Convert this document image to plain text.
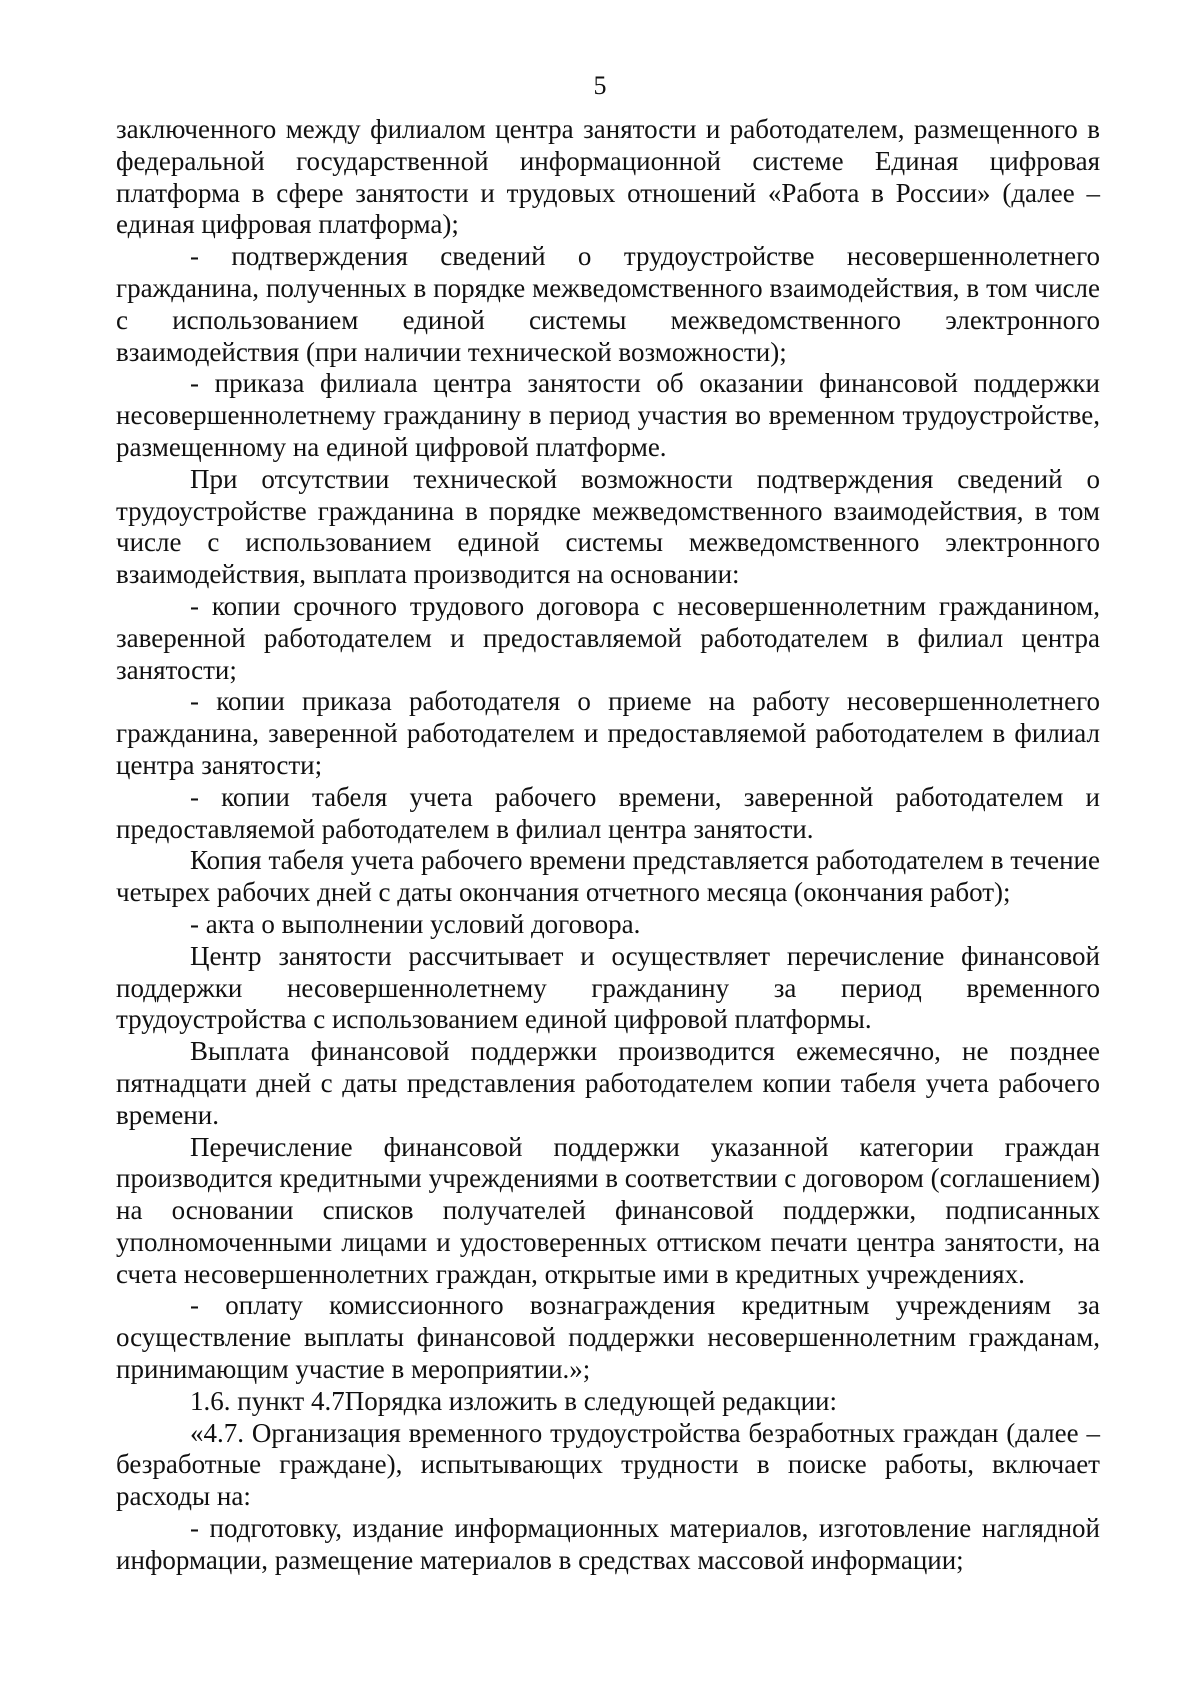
5

заключенного между филиалом центра занятости и работодателем, размещенного в федеральной государственной информационной системе Единая цифровая платформа в сфере занятости и трудовых отношений «Работа в России» (далее – единая цифровая платформа);

- подтверждения сведений о трудоустройстве несовершеннолетнего гражданина, полученных в порядке межведомственного взаимодействия, в том числе с использованием единой системы межведомственного электронного взаимодействия (при наличии технической возможности);

- приказа филиала центра занятости об оказании финансовой поддержки несовершеннолетнему гражданину в период участия во временном трудоустройстве, размещенному на единой цифровой платформе.

При отсутствии технической возможности подтверждения сведений о трудоустройстве гражданина в порядке межведомственного взаимодействия, в том числе с использованием единой системы межведомственного электронного взаимодействия, выплата производится на основании:

- копии срочного трудового договора с несовершеннолетним гражданином, заверенной работодателем и предоставляемой работодателем в филиал центра занятости;

- копии приказа работодателя о приеме на работу несовершеннолетнего гражданина, заверенной работодателем и предоставляемой работодателем в филиал центра занятости;

- копии табеля учета рабочего времени, заверенной работодателем и предоставляемой работодателем в филиал центра занятости.

Копия табеля учета рабочего времени представляется работодателем в течение четырех рабочих дней с даты окончания отчетного месяца (окончания работ);

- акта о выполнении условий договора.

Центр занятости рассчитывает и осуществляет перечисление финансовой поддержки несовершеннолетнему гражданину за период временного трудоустройства с использованием единой цифровой платформы.

Выплата финансовой поддержки производится ежемесячно, не позднее пятнадцати дней с даты представления работодателем копии табеля учета рабочего времени.

Перечисление финансовой поддержки указанной категории граждан производится кредитными учреждениями в соответствии с договором (соглашением) на основании списков получателей финансовой поддержки, подписанных уполномоченными лицами и удостоверенных оттиском печати центра занятости, на счета несовершеннолетних граждан, открытые ими в кредитных учреждениях.

- оплату комиссионного вознаграждения кредитным учреждениям за осуществление выплаты финансовой поддержки несовершеннолетним гражданам, принимающим участие в мероприятии.»;

1.6. пункт 4.7Порядка изложить в следующей редакции:

«4.7. Организация временного трудоустройства безработных граждан (далее – безработные граждане), испытывающих трудности в поиске работы, включает расходы на:

- подготовку, издание информационных материалов, изготовление наглядной информации, размещение материалов в средствах массовой информации;
